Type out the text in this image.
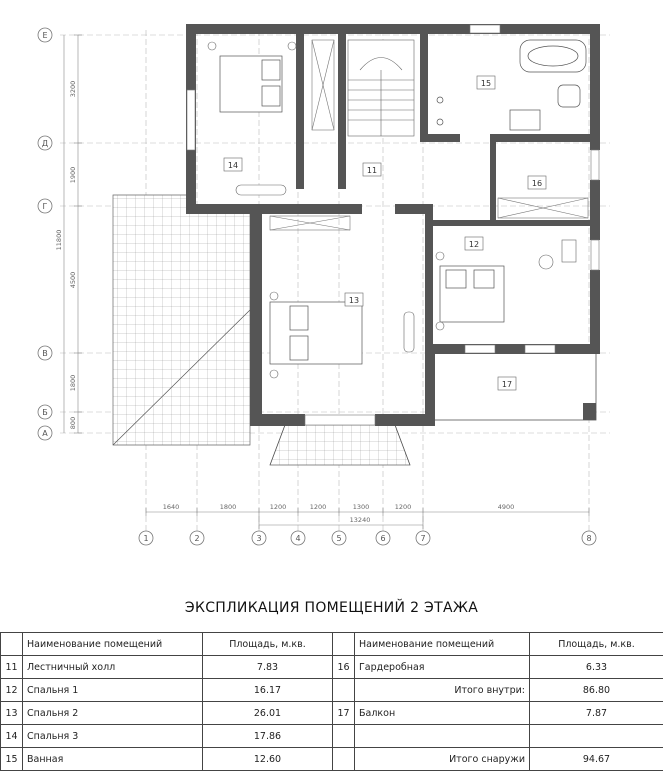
Е
Д
Г
В
Б
А
3200
1900
4500
1800
800
11800
1640	1800	1200	1200	1300	1200	4900
13240
1	2	3	4	5	6	7	8
14
11
15
16
12
13
17
ЭКСПЛИКАЦИЯ ПОМЕЩЕНИЙ 2 ЭТАЖА
	Наименование помещений	Площадь, м.кв.		Наименование помещений	Площадь, м.кв.
11	Лестничный холл	7.83	16	Гардеробная	6.33
12	Спальня 1	16.17		Итого внутри:	86.80
13	Спальня 2	26.01	17	Балкон	7.87
14	Спальня 3	17.86			
15	Ванная	12.60		Итого снаружи	94.67
